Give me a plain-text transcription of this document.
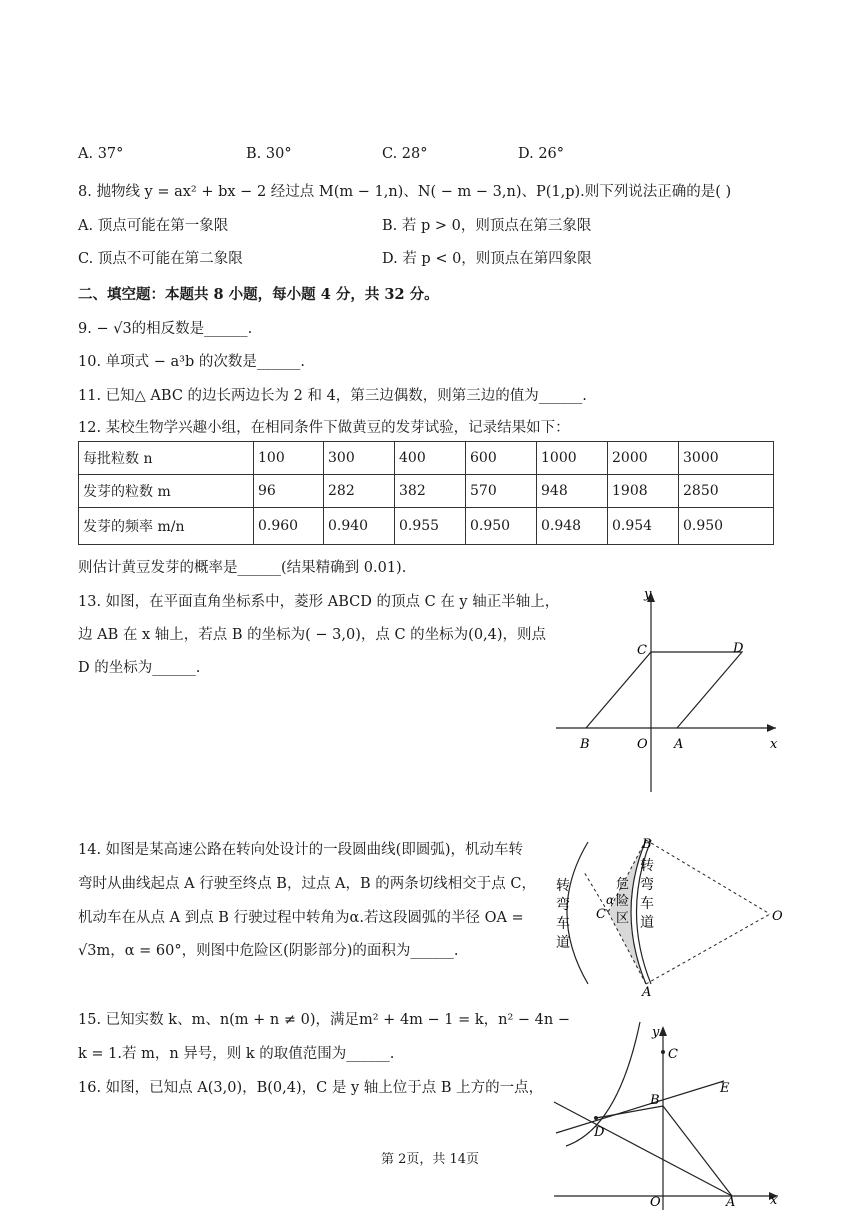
A. 37°	B. 30°	C. 28°	D. 26°
8. 抛物线 y = ax² + bx − 2 经过点 M(m − 1,n)、N( − m − 3,n)、P(1,p).则下列说法正确的是( )
A. 顶点可能在第一象限	B. 若 p > 0，则顶点在第三象限
C. 顶点不可能在第二象限	D. 若 p < 0，则顶点在第四象限
二、填空题：本题共 8 小题，每小题 4 分，共 32 分。
9. − √3的相反数是______.
10. 单项式 − a³b 的次数是______.
11. 已知△ ABC 的边长两边长为 2 和 4，第三边偶数，则第三边的值为______.
12. 某校生物学兴趣小组，在相同条件下做黄豆的发芽试验，记录结果如下：
每批粒数 n	100	300	400	600	1000	2000	3000
发芽的粒数 m	96	282	382	570	948	1908	2850
发芽的频率 m/n	0.960	0.940	0.955	0.950	0.948	0.954	0.950
则估计黄豆发芽的概率是______(结果精确到 0.01).
13. 如图，在平面直角坐标系中，菱形 ABCD 的顶点 C 在 y 轴正半轴上，
边 AB 在 x 轴上，若点 B 的坐标为( − 3,0)，点 C 的坐标为(0,4)，则点
D 的坐标为______.
y
x
C	D
B	O A
14. 如图是某高速公路在转向处设计的一段圆曲线(即圆弧)，机动车转
弯时从曲线起点 A 行驶至终点 B，过点 A，B 的两条切线相交于点 C，
机动车在从点 A 到点 B 行驶过程中转角为α.若这段圆弧的半径 OA =
√3m，α = 60°，则图中危险区(阴影部分)的面积为______.
转弯车道
转弯车道
危险区
α
C
B
A
O
15. 已知实数 k、m、n(m + n ≠ 0)，满足m² + 4m − 1 = k，n² − 4n −
k = 1.若 m，n 异号，则 k 的取值范围为______.
16. 如图，已知点 A(3,0)，B(0,4)，C 是 y 轴上位于点 B 上方的一点，
y
x
C
B
E
D
O	A
第 2页，共 14页
